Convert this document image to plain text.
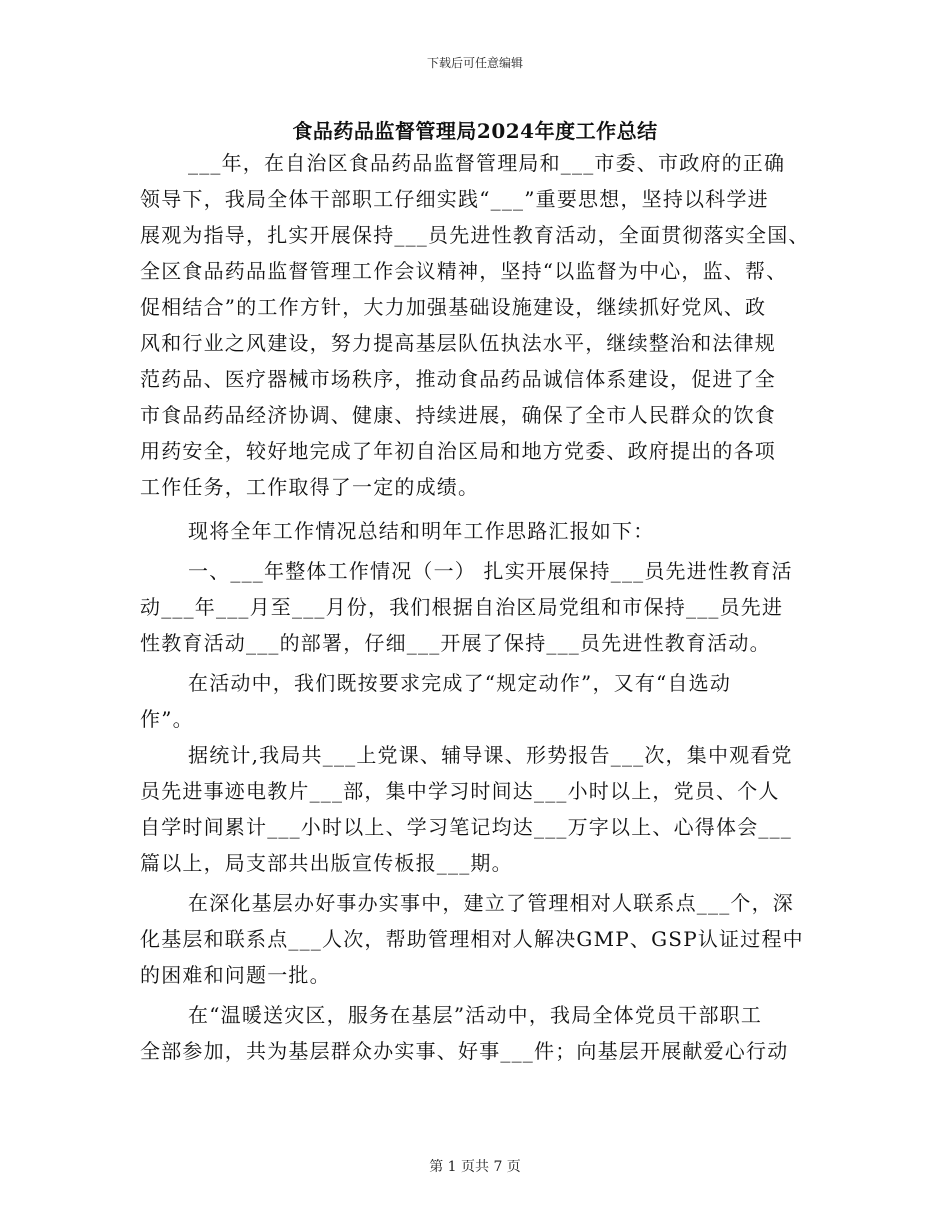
下载后可任意编辑
食品药品监督管理局2024年度工作总结
___年，在自治区食品药品监督管理局和___市委、市政府的正确
领导下，我局全体干部职工仔细实践“___”重要思想，坚持以科学进
展观为指导，扎实开展保持___员先进性教育活动，全面贯彻落实全国、
全区食品药品监督管理工作会议精神，坚持“以监督为中心，监、帮、
促相结合”的工作方针，大力加强基础设施建设，继续抓好党风、政
风和行业之风建设，努力提高基层队伍执法水平，继续整治和法律规
范药品、医疗器械市场秩序，推动食品药品诚信体系建设，促进了全
市食品药品经济协调、健康、持续进展，确保了全市人民群众的饮食
用药安全，较好地完成了年初自治区局和地方党委、政府提出的各项
工作任务，工作取得了一定的成绩。
现将全年工作情况总结和明年工作思路汇报如下：
一、___年整体工作情况（一） 扎实开展保持___员先进性教育活
动___年___月至___月份，我们根据自治区局党组和市保持___员先进
性教育活动___的部署，仔细___开展了保持___员先进性教育活动。
在活动中，我们既按要求完成了“规定动作”，又有“自选动
作”。
据统计,我局共___上党课、辅导课、形势报告___次，集中观看党
员先进事迹电教片___部，集中学习时间达___小时以上，党员、个人
自学时间累计___小时以上、学习笔记均达___万字以上、心得体会___
篇以上，局支部共出版宣传板报___期。
在深化基层办好事办实事中，建立了管理相对人联系点___个，深
化基层和联系点___人次，帮助管理相对人解决GMP、GSP认证过程中
的困难和问题一批。
在“温暖送灾区，服务在基层”活动中，我局全体党员干部职工
全部参加，共为基层群众办实事、好事___件；向基层开展献爱心行动
第 1 页共 7 页
